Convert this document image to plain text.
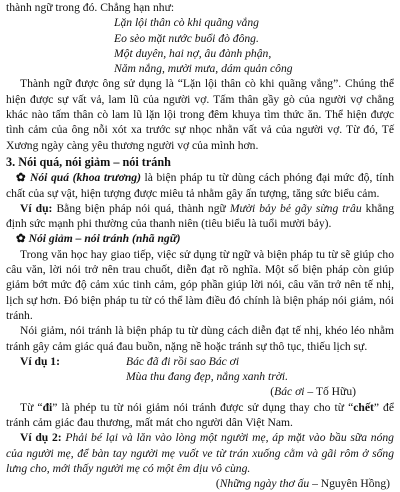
thành ngữ trong đó. Chẳng hạn như:

Lặn lội thân cò khi quãng vắng

Eo sèo mặt nước buổi đò đông.

Một duyên, hai nợ, âu đành phận,

Năm nắng, mười mưa, dám quản công

Thành ngữ được ông sử dụng là “Lặn lội thân cò khi quãng vắng”. Chúng thể hiện được sự vất vả, lam lũ của người vợ. Tấm thân gầy gò của người vợ chẳng khác nào tấm thân cò lam lũ lặn lội trong đêm khuya tìm thức ăn. Thể hiện được tình cảm của ông nỗi xót xa trước sự nhọc nhằn vất vả của người vợ. Từ đó, Tế Xương ngày càng yêu thương người vợ của mình hơn.

3. Nói quá, nói giảm – nói tránh

✿ Nói quá (khoa trương) là biện pháp tu từ dùng cách phóng đại mức độ, tính chất của sự vật, hiện tượng được miêu tả nhằm gây ấn tượng, tăng sức biểu cảm.

Ví dụ: Bằng biện pháp nói quá, thành ngữ Mười bảy bẻ gãy sừng trâu khẳng định sức mạnh phi thường của thanh niên (tiêu biểu là tuổi mười bảy).

✿ Nói giảm – nói tránh (nhã ngữ)

Trong văn học hay giao tiếp, việc sử dụng từ ngữ và biện pháp tu từ sẽ giúp cho câu văn, lời nói trở nên trau chuốt, diễn đạt rõ nghĩa. Một số biện pháp còn giúp giảm bớt mức độ cảm xúc tinh cảm, góp phần giúp lời nói, câu văn trở nên tế nhị, lịch sự hơn. Đó biện pháp tu từ có thể làm điều đó chính là biện pháp nói giảm, nói tránh.

Nói giảm, nói tránh là biện pháp tu từ dùng cách diễn đạt tế nhị, khéo léo nhằm tránh gây cảm giác quá đau buồn, nặng nề hoặc tránh sự thô tục, thiếu lịch sự.

Ví dụ 1:	Bác đã đi rồi sao Bác ơi

Mùa thu đang đẹp, nắng xanh trời.

(Bác ơi – Tố Hữu)

Từ “đi” là phép tu từ nói giảm nói tránh được sử dụng thay cho từ “chết” để tránh cảm giác đau thương, mất mát cho người dân Việt Nam.

Ví dụ 2: Phải bé lại và lăn vào lòng một người mẹ, áp mặt vào bầu sữa nóng của người mẹ, để bàn tay người mẹ vuốt ve từ trán xuống cằm và gãi rôm ở sống lưng cho, mới thấy người mẹ có một êm dịu vô cùng.

(Những ngày thơ ấu – Nguyên Hồng)
